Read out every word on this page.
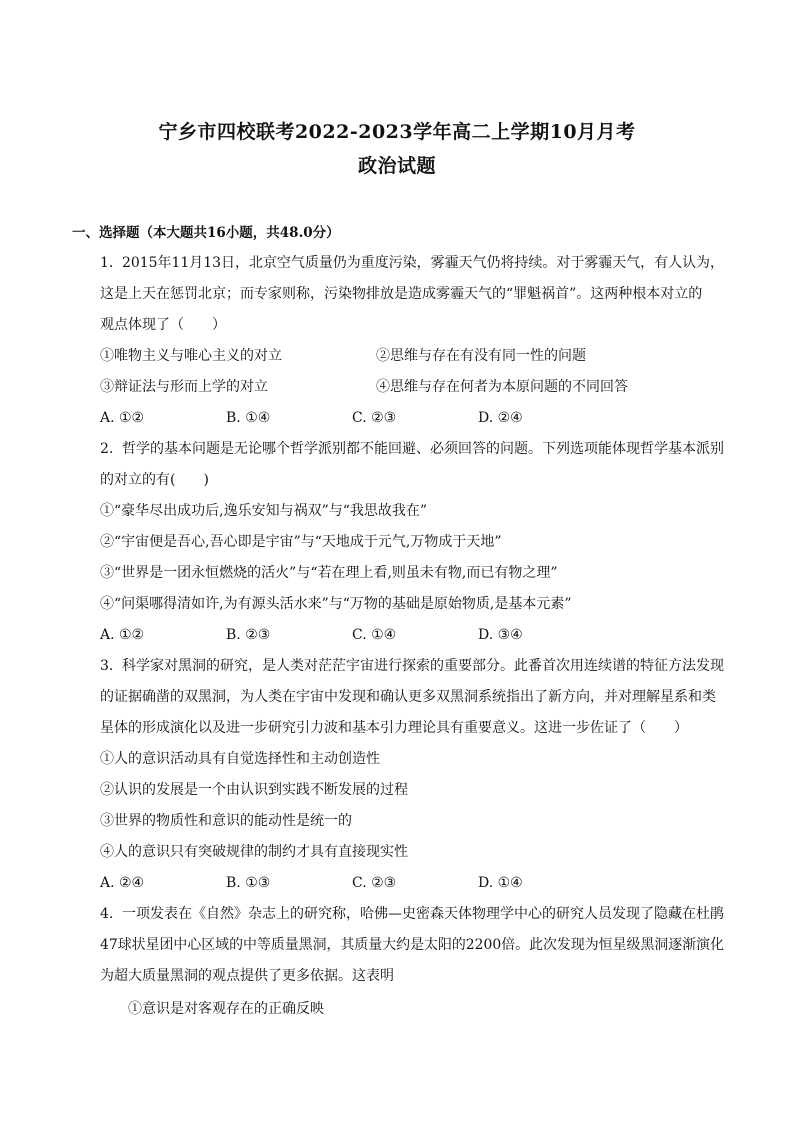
宁乡市四校联考2022-2023学年高二上学期10月月考
政治试题
一、选择题（本大题共16小题，共48.0分）
1. 2015年11月13日，北京空气质量仍为重度污染，雾霾天气仍将持续。对于雾霾天气，有人认为，
这是上天在惩罚北京；而专家则称，污染物排放是造成雾霾天气的“罪魁祸首”。这两种根本对立的
观点体现了（　　）
①唯物主义与唯心主义的对立	②思维与存在有没有同一性的问题
③辩证法与形而上学的对立	④思维与存在何者为本原问题的不同回答
A. ①②	B. ①④	C. ②③	D. ②④
2. 哲学的基本问题是无论哪个哲学派别都不能回避、必须回答的问题。下列选项能体现哲学基本派别
的对立的有(　　)
①“豪华尽出成功后,逸乐安知与祸双”与“我思故我在”
②“宇宙便是吾心,吾心即是宇宙”与“天地成于元气,万物成于天地”
③“世界是一团永恒燃烧的活火”与“若在理上看,则虽未有物,而已有物之理”
④“问渠哪得清如许,为有源头活水来”与“万物的基础是原始物质,是基本元素”
A. ①②	B. ②③	C. ①④	D. ③④
3. 科学家对黑洞的研究，是人类对茫茫宇宙进行探索的重要部分。此番首次用连续谱的特征方法发现
的证据确凿的双黑洞，为人类在宇宙中发现和确认更多双黑洞系统指出了新方向，并对理解星系和类
星体的形成演化以及进一步研究引力波和基本引力理论具有重要意义。这进一步佐证了（　　）
①人的意识活动具有自觉选择性和主动创造性
②认识的发展是一个由认识到实践不断发展的过程
③世界的物质性和意识的能动性是统一的
④人的意识只有突破规律的制约才具有直接现实性
A. ②④	B. ①③	C. ②③	D. ①④
4. 一项发表在《自然》杂志上的研究称，哈佛—史密森天体物理学中心的研究人员发现了隐藏在杜鹃
47球状星团中心区域的中等质量黑洞，其质量大约是太阳的2200倍。此次发现为恒星级黑洞逐渐演化
为超大质量黑洞的观点提供了更多依据。这表明
①意识是对客观存在的正确反映
